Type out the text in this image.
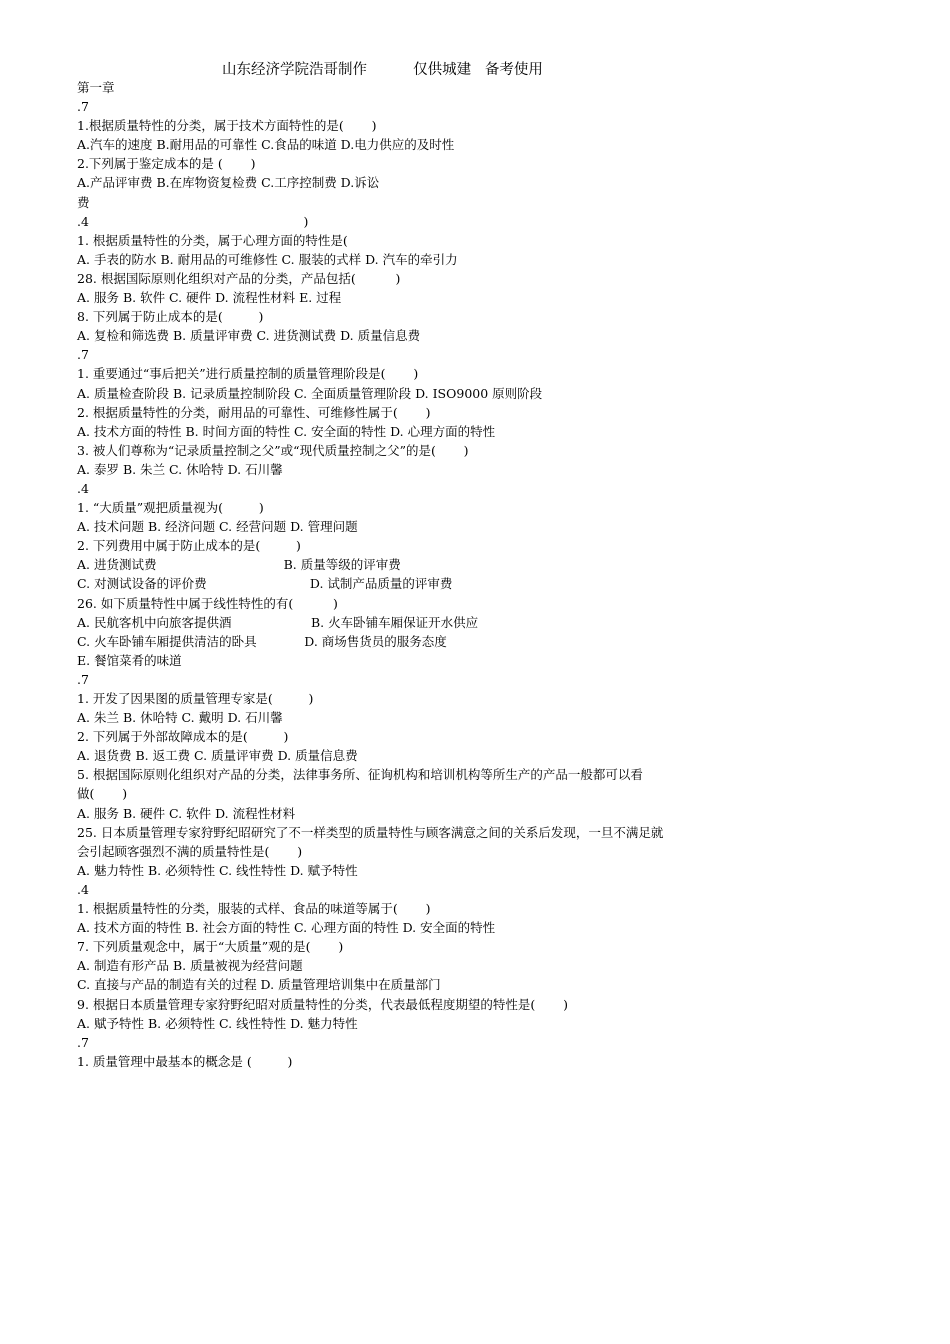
山东经济学院浩哥制作          仅供城建   备考使用
第一章
.7
1.根据质量特性的分类，属于技术方面特性的是(       )
A.汽车的速度 B.耐用品的可靠性 C.食品的味道 D.电力供应的及时性
2.下列属于鉴定成本的是 (       )
A.产品评审费 B.在库物资复检费 C.工序控制费 D.诉讼
费
.4                                                      )
1. 根据质量特性的分类，属于心理方面的特性是(
A. 手表的防水 B. 耐用品的可维修性 C. 服装的式样 D. 汽车的牵引力
28. 根据国际原则化组织对产品的分类，产品包括(          )
A. 服务 B. 软件 C. 硬件 D. 流程性材料 E. 过程
8. 下列属于防止成本的是(         )
A. 复检和筛选费 B. 质量评审费 C. 进货测试费 D. 质量信息费
.7
1. 重要通过“事后把关”进行质量控制的质量管理阶段是(       )
A. 质量检查阶段 B. 记录质量控制阶段 C. 全面质量管理阶段 D. ISO9000 原则阶段
2. 根据质量特性的分类，耐用品的可靠性、可维修性属于(       )
A. 技术方面的特性 B. 时间方面的特性 C. 安全面的特性 D. 心理方面的特性
3. 被人们尊称为“记录质量控制之父”或“现代质量控制之父”的是(       )
A. 泰罗 B. 朱兰 C. 休哈特 D. 石川馨
.4
1. “大质量”观把质量视为(         )
A. 技术问题 B. 经济问题 C. 经营问题 D. 管理问题
2. 下列费用中属于防止成本的是(         )
A. 进货测试费                                B. 质量等级的评审费
C. 对测试设备的评价费                          D. 试制产品质量的评审费
26. 如下质量特性中属于线性特性的有(          )
A. 民航客机中向旅客提供酒                    B. 火车卧铺车厢保证开水供应
C. 火车卧铺车厢提供清洁的卧具            D. 商场售货员的服务态度
E. 餐馆菜肴的味道
.7
1. 开发了因果图的质量管理专家是(         )
A. 朱兰 B. 休哈特 C. 戴明 D. 石川馨
2. 下列属于外部故障成本的是(         )
A. 退货费 B. 返工费 C. 质量评审费 D. 质量信息费
5. 根据国际原则化组织对产品的分类，法律事务所、征询机构和培训机构等所生产的产品一般都可以看
做(       )
A. 服务 B. 硬件 C. 软件 D. 流程性材料
25. 日本质量管理专家狩野纪昭研究了不一样类型的质量特性与顾客满意之间的关系后发现，一旦不满足就
会引起顾客强烈不满的质量特性是(       )
A. 魅力特性 B. 必须特性 C. 线性特性 D. 赋予特性
.4
1. 根据质量特性的分类，服装的式样、食品的味道等属于(       )
A. 技术方面的特性 B. 社会方面的特性 C. 心理方面的特性 D. 安全面的特性
7. 下列质量观念中，属于“大质量”观的是(       )
A. 制造有形产品 B. 质量被视为经营问题
C. 直接与产品的制造有关的过程 D. 质量管理培训集中在质量部门
9. 根据日本质量管理专家狩野纪昭对质量特性的分类，代表最低程度期望的特性是(       )
A. 赋予特性 B. 必须特性 C. 线性特性 D. 魅力特性
.7
1. 质量管理中最基本的概念是 (         )
